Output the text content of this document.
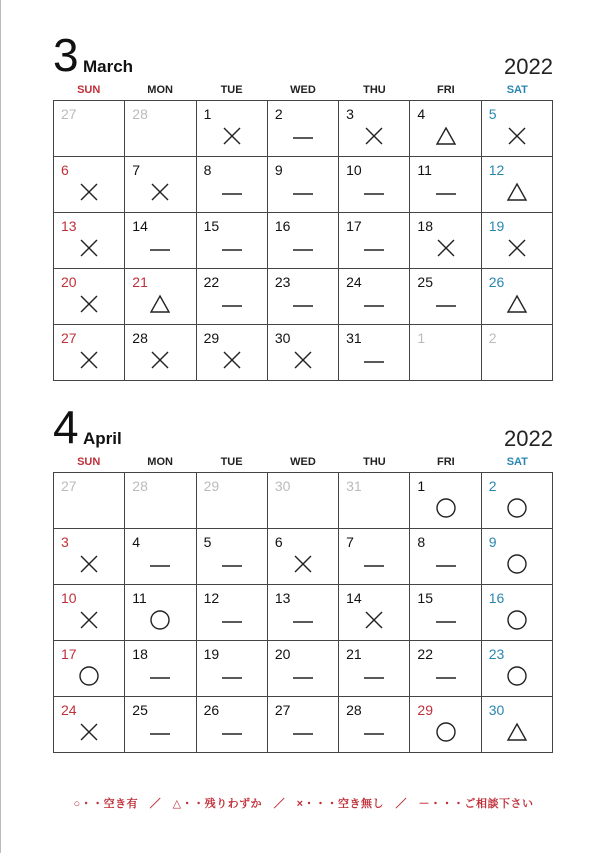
3 March	2022
SUN	MON	TUE	WED	THU	FRI	SAT
27	28	1	2	3	4	5
6	7	8	9	10	11	12
13	14	15	16	17	18	19
20	21	22	23	24	25	26
27	28	29	30	31	1	2
4 April	2022
SUN	MON	TUE	WED	THU	FRI	SAT
27	28	29	30	31	1	2
3	4	5	6	7	8	9
10	11	12	13	14	15	16
17	18	19	20	21	22	23
24	25	26	27	28	29	30
○・・空き有　／　△・・残りわずか　／　×・・・空き無し　／　－・・・ご相談下さい
